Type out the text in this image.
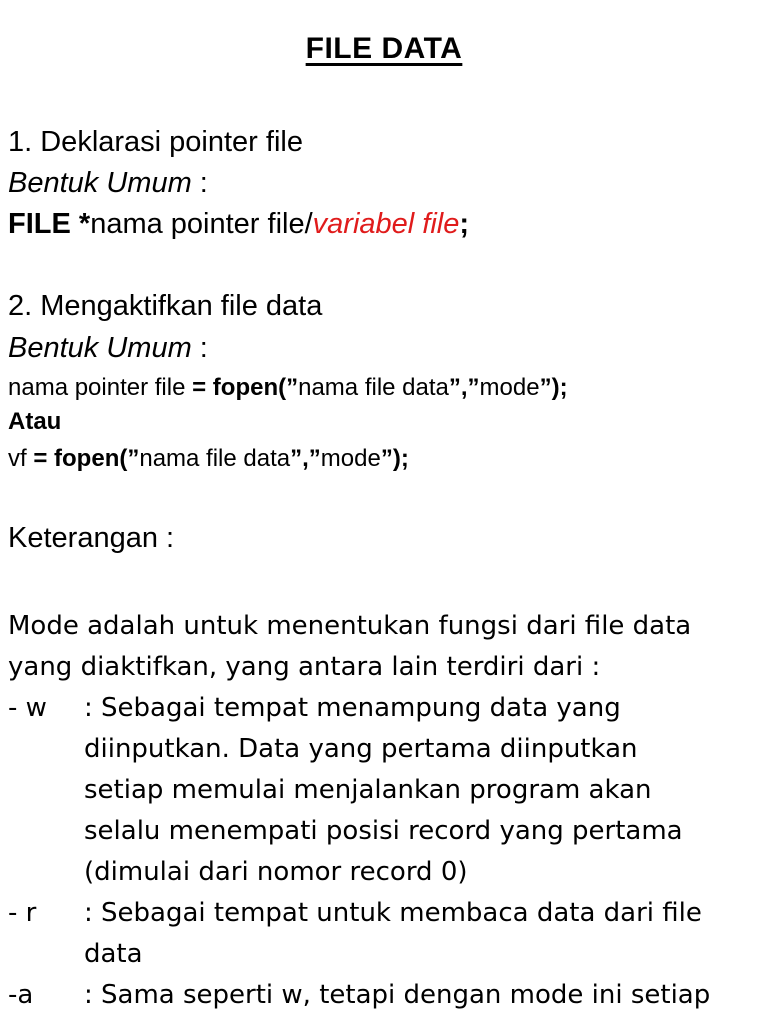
FILE DATA
1. Deklarasi pointer file
Bentuk Umum :
FILE *nama pointer file/variabel file;
2. Mengaktifkan file data
Bentuk Umum :
nama pointer file = fopen(”nama file data”,”mode”);
Atau
vf = fopen(”nama file data”,”mode”);
Keterangan :
Mode adalah untuk menentukan fungsi dari file data
yang diaktifkan, yang antara lain terdiri dari :
- w : Sebagai tempat menampung data yang
diinputkan. Data yang pertama diinputkan
setiap memulai menjalankan program akan
selalu menempati posisi record yang pertama
(dimulai dari nomor record 0)
- r : Sebagai tempat untuk membaca data dari file
data
-a : Sama seperti w, tetapi dengan mode ini setiap
